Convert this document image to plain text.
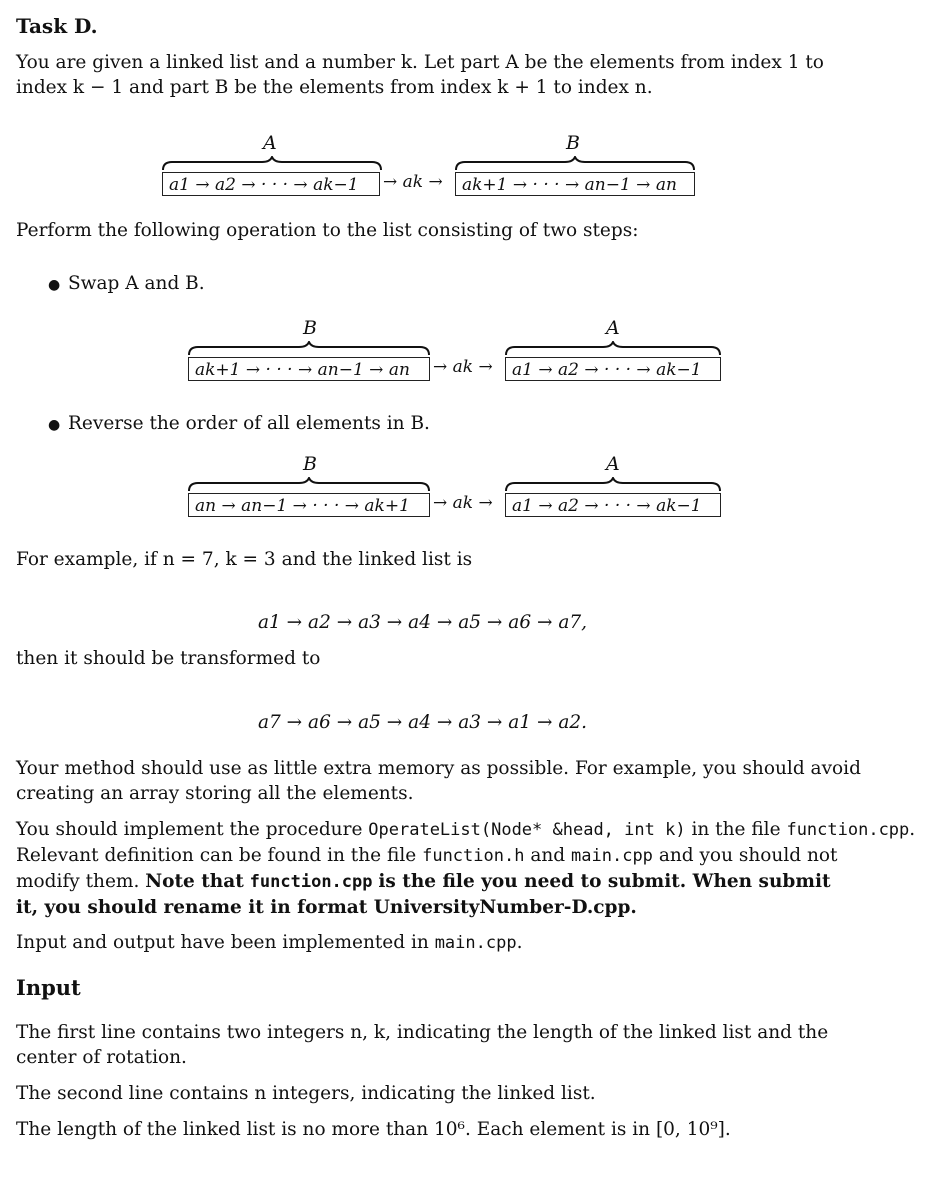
Task D.
You are given a linked list and a number k. Let part A be the elements from index 1 to
index k − 1 and part B be the elements from index k + 1 to index n.
A	B
a1 → a2 → · · · → ak−1	→ ak →	ak+1 → · · · → an−1 → an
Perform the following operation to the list consisting of two steps:
● Swap A and B.
B	A
ak+1 → · · · → an−1 → an	→ ak →	a1 → a2 → · · · → ak−1
● Reverse the order of all elements in B.
B	A
an → an−1 → · · · → ak+1	→ ak →	a1 → a2 → · · · → ak−1
For example, if n = 7, k = 3 and the linked list is
a1 → a2 → a3 → a4 → a5 → a6 → a7,
then it should be transformed to
a7 → a6 → a5 → a4 → a3 → a1 → a2.
Your method should use as little extra memory as possible. For example, you should avoid
creating an array storing all the elements.
You should implement the procedure OperateList(Node* &head, int k) in the file function.cpp.
Relevant definition can be found in the file function.h and main.cpp and you should not
modify them. Note that function.cpp is the file you need to submit. When submit
it, you should rename it in format UniversityNumber-D.cpp.
Input and output have been implemented in main.cpp.
Input
The first line contains two integers n, k, indicating the length of the linked list and the
center of rotation.
The second line contains n integers, indicating the linked list.
The length of the linked list is no more than 10⁶. Each element is in [0, 10⁹].
